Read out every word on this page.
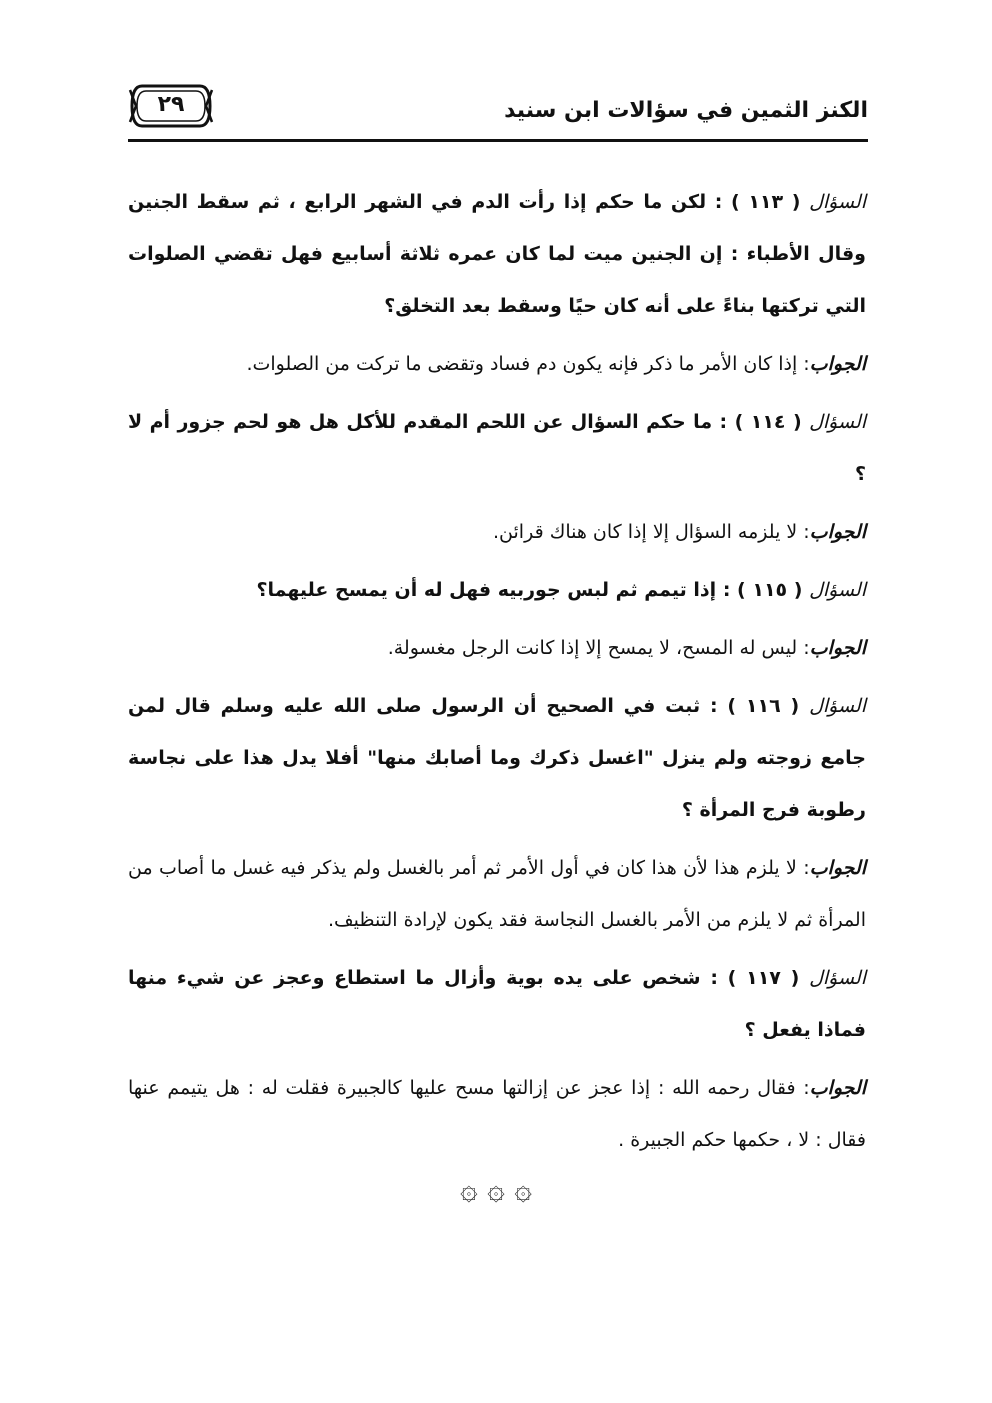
الكنز الثمين في سؤالات ابن سنيد
٢٩

السؤال ( ١١٣ ) : لكن ما حكم إذا رأت الدم في الشهر الرابع ، ثم سقط الجنين وقال الأطباء : إن الجنين ميت لما كان عمره ثلاثة أسابيع فهل تقضي الصلوات التي تركتها بناءً على أنه كان حيًا وسقط بعد التخلق؟

الجواب: إذا كان الأمر ما ذكر فإنه يكون دم فساد وتقضى ما تركت من الصلوات.

السؤال ( ١١٤ ) : ما حكم السؤال عن اللحم المقدم للأكل هل هو لحم جزور أم لا ؟

الجواب: لا يلزمه السؤال إلا إذا كان هناك قرائن.

السؤال ( ١١٥ ) : إذا تيمم ثم لبس جوربيه فهل له أن يمسح عليهما؟

الجواب: ليس له المسح، لا يمسح إلا إذا كانت الرجل مغسولة.

السؤال ( ١١٦ ) : ثبت في الصحيح أن الرسول صلى الله عليه وسلم قال لمن جامع زوجته ولم ينزل "اغسل ذكرك وما أصابك منها" أفلا يدل هذا على نجاسة رطوبة فرج المرأة ؟

الجواب: لا يلزم هذا لأن هذا كان في أول الأمر ثم أمر بالغسل ولم يذكر فيه غسل ما أصاب من المرأة ثم لا يلزم من الأمر بالغسل النجاسة فقد يكون لإرادة التنظيف.

السؤال ( ١١٧ ) : شخص على يده بوية وأزال ما استطاع وعجز عن شيء منها فماذا يفعل ؟

الجواب: فقال رحمه الله : إذا عجز عن إزالتها مسح عليها كالجبيرة فقلت له : هل يتيمم عنها فقال : لا ، حكمها حكم الجبيرة .

۞ ۞ ۞
